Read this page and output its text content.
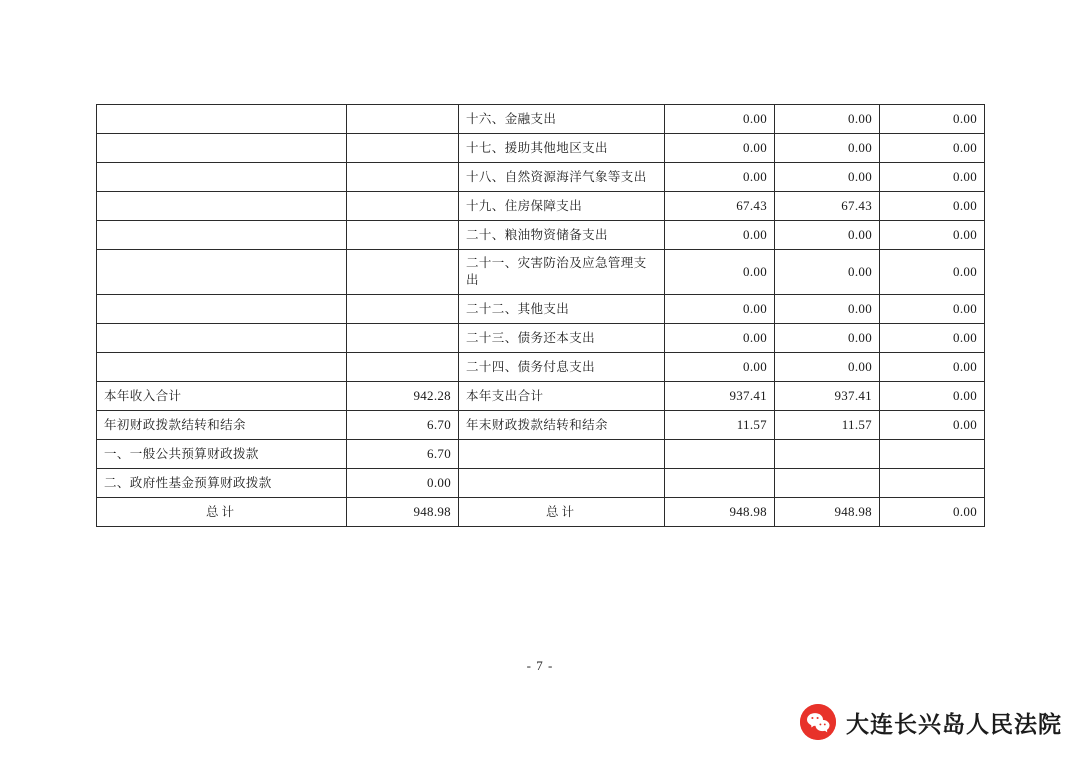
		十六、金融支出	0.00	0.00	0.00
		十七、援助其他地区支出	0.00	0.00	0.00
		十八、自然资源海洋气象等支出	0.00	0.00	0.00
		十九、住房保障支出	67.43	67.43	0.00
		二十、粮油物资储备支出	0.00	0.00	0.00
		二十一、灾害防治及应急管理支出	0.00	0.00	0.00
		二十二、其他支出	0.00	0.00	0.00
		二十三、债务还本支出	0.00	0.00	0.00
		二十四、债务付息支出	0.00	0.00	0.00
本年收入合计	942.28	本年支出合计	937.41	937.41	0.00
年初财政拨款结转和结余	6.70	年末财政拨款结转和结余	11.57	11.57	0.00
一、一般公共预算财政拨款	6.70				
二、政府性基金预算财政拨款	0.00				
总计	948.98	总计	948.98	948.98	0.00
- 7 -
大连长兴岛人民法院
